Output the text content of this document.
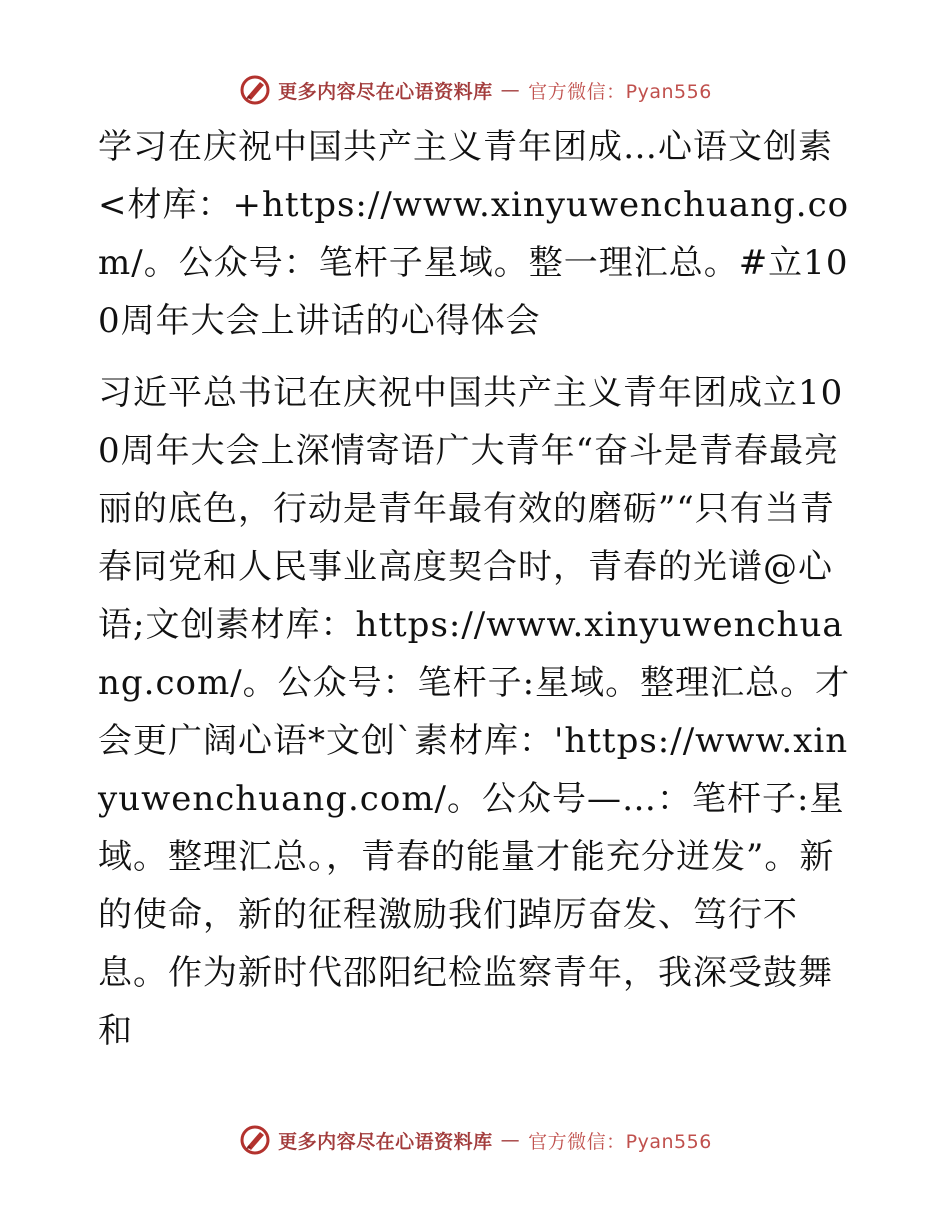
更多内容尽在心语资料库 — 官方微信：Pyan556

学习在庆祝中国共产主义青年团成…心语文创素<材库：+https://www.xinyuwenchuang.com/。公众号：笔杆子星域。整一理汇总。#立100周年大会上讲话的心得体会

习近平总书记在庆祝中国共产主义青年团成立100周年大会上深情寄语广大青年“奋斗是青春最亮丽的底色，行动是青年最有效的磨砺”“只有当青春同党和人民事业高度契合时，青春的光谱@心语;文创素材库：https://www.xinyuwenchuang.com/。公众号：笔杆子:星域。整理汇总。才会更广阔心语*文创`素材库：'https://www.xinyuwenchuang.com/。公众号—…：笔杆子:星域。整理汇总。，青春的能量才能充分迸发”。新的使命，新的征程激励我们踔厉奋发、笃行不息。作为新时代邵阳纪检监察青年，我深受鼓舞和

更多内容尽在心语资料库 — 官方微信：Pyan556
